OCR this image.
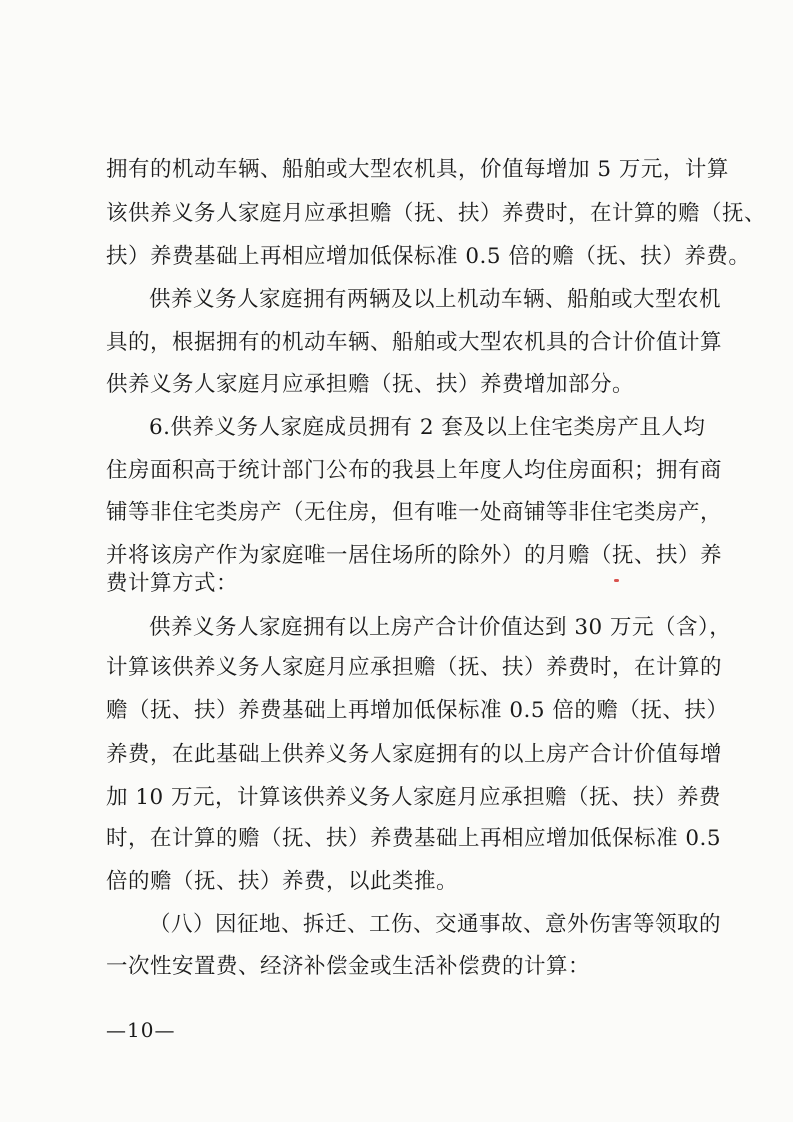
拥有的机动车辆、船舶或大型农机具，价值每增加 5 万元，计算
该供养义务人家庭月应承担赡（抚、扶）养费时，在计算的赡（抚、
扶）养费基础上再相应增加低保标准 0.5 倍的赡（抚、扶）养费。
供养义务人家庭拥有两辆及以上机动车辆、船舶或大型农机
具的，根据拥有的机动车辆、船舶或大型农机具的合计价值计算
供养义务人家庭月应承担赡（抚、扶）养费增加部分。
6.供养义务人家庭成员拥有 2 套及以上住宅类房产且人均
住房面积高于统计部门公布的我县上年度人均住房面积；拥有商
铺等非住宅类房产（无住房，但有唯一处商铺等非住宅类房产，
并将该房产作为家庭唯一居住场所的除外）的月赡（抚、扶）养
费计算方式：
供养义务人家庭拥有以上房产合计价值达到 30 万元（含），
计算该供养义务人家庭月应承担赡（抚、扶）养费时，在计算的
赡（抚、扶）养费基础上再增加低保标准 0.5 倍的赡（抚、扶）
养费，在此基础上供养义务人家庭拥有的以上房产合计价值每增
加 10 万元，计算该供养义务人家庭月应承担赡（抚、扶）养费
时，在计算的赡（抚、扶）养费基础上再相应增加低保标准 0.5
倍的赡（抚、扶）养费，以此类推。
（八）因征地、拆迁、工伤、交通事故、意外伤害等领取的
一次性安置费、经济补偿金或生活补偿费的计算：
—10—
